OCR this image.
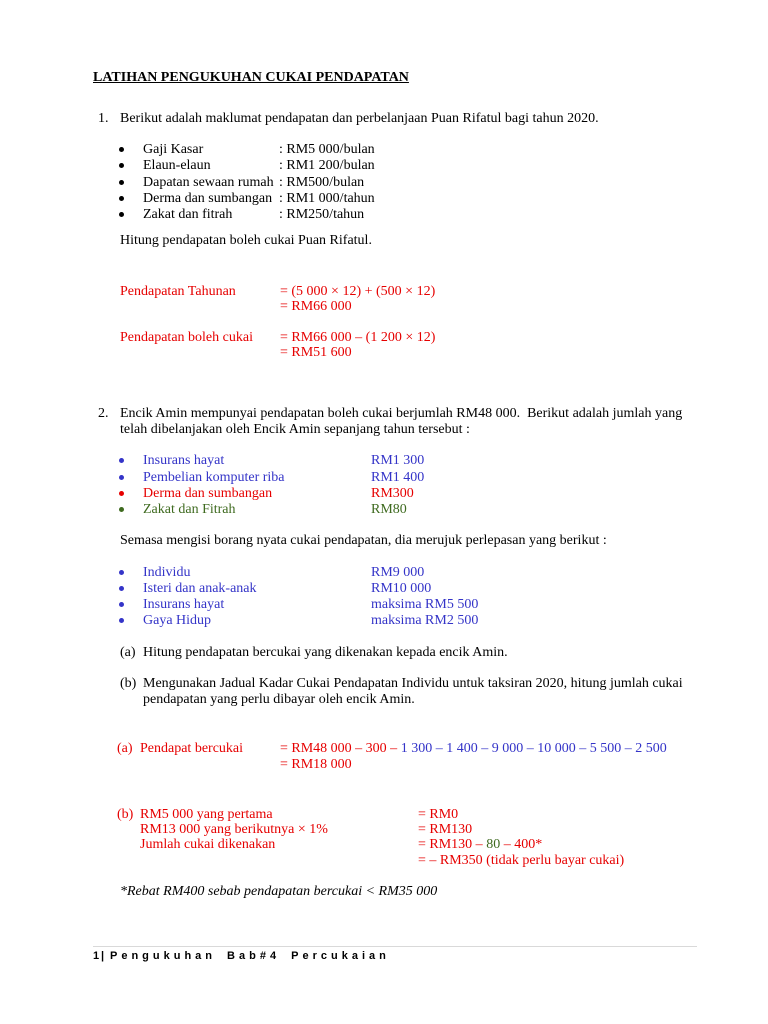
LATIHAN PENGUKUHAN CUKAI PENDAPATAN
1. Berikut adalah maklumat pendapatan dan perbelanjaan Puan Rifatul bagi tahun 2020.
Gaji Kasar	: RM5 000/bulan
Elaun-elaun	: RM1 200/bulan
Dapatan sewaan rumah : RM500/bulan
Derma dan sumbangan : RM1 000/tahun
Zakat dan fitrah	: RM250/tahun
Hitung pendapatan boleh cukai Puan Rifatul.
Pendapatan Tahunan	= (5 000 × 12) + (500 × 12)
= RM66 000
Pendapatan boleh cukai = RM66 000 – (1 200 × 12)
= RM51 600
2. Encik Amin mempunyai pendapatan boleh cukai berjumlah RM48 000.  Berikut adalah jumlah yang
telah dibelanjakan oleh Encik Amin sepanjang tahun tersebut :
Insurans hayat	RM1 300
Pembelian komputer riba	RM1 400
Derma dan sumbangan	RM300
Zakat dan Fitrah	RM80
Semasa mengisi borang nyata cukai pendapatan, dia merujuk perlepasan yang berikut :
Individu	RM9 000
Isteri dan anak-anak	RM10 000
Insurans hayat	maksima RM5 500
Gaya Hidup	maksima RM2 500
(a) Hitung pendapatan bercukai yang dikenakan kepada encik Amin.
(b) Mengunakan Jadual Kadar Cukai Pendapatan Individu untuk taksiran 2020, hitung jumlah cukai
pendapatan yang perlu dibayar oleh encik Amin.
(a) Pendapat bercukai	= RM48 000 – 300 – 1 300 – 1 400 – 9 000 – 10 000 – 5 500 – 2 500
= RM18 000
(b) RM5 000 yang pertama	= RM0
RM13 000 yang berikutnya × 1%	= RM130
Jumlah cukai dikenakan	= RM130 – 80 – 400*
= – RM350 (tidak perlu bayar cukai)
*Rebat RM400 sebab pendapatan bercukai < RM35 000

1

|

Pengukuhan Bab#4 Percukaian
